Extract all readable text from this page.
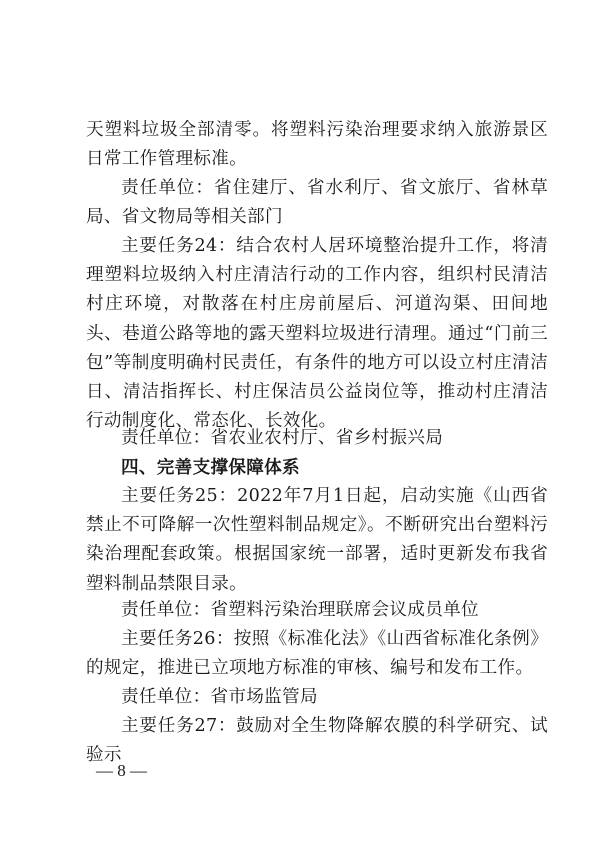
天塑料垃圾全部清零。将塑料污染治理要求纳入旅游景区日常工作管理标准。

责任单位：省住建厅、省水利厅、省文旅厅、省林草局、省文物局等相关部门

主要任务24：结合农村人居环境整治提升工作，将清理塑料垃圾纳入村庄清洁行动的工作内容，组织村民清洁村庄环境，对散落在村庄房前屋后、河道沟渠、田间地头、巷道公路等地的露天塑料垃圾进行清理。通过“门前三包”等制度明确村民责任，有条件的地方可以设立村庄清洁日、清洁指挥长、村庄保洁员公益岗位等，推动村庄清洁行动制度化、常态化、长效化。

责任单位：省农业农村厅、省乡村振兴局

四、完善支撑保障体系

主要任务25：2022年7月1日起，启动实施《山西省禁止不可降解一次性塑料制品规定》。不断研究出台塑料污染治理配套政策。根据国家统一部署，适时更新发布我省塑料制品禁限目录。

责任单位：省塑料污染治理联席会议成员单位

主要任务26：按照《标准化法》《山西省标准化条例》的规定，推进已立项地方标准的审核、编号和发布工作。

责任单位：省市场监管局

主要任务27：鼓励对全生物降解农膜的科学研究、试验示

— 8 —
